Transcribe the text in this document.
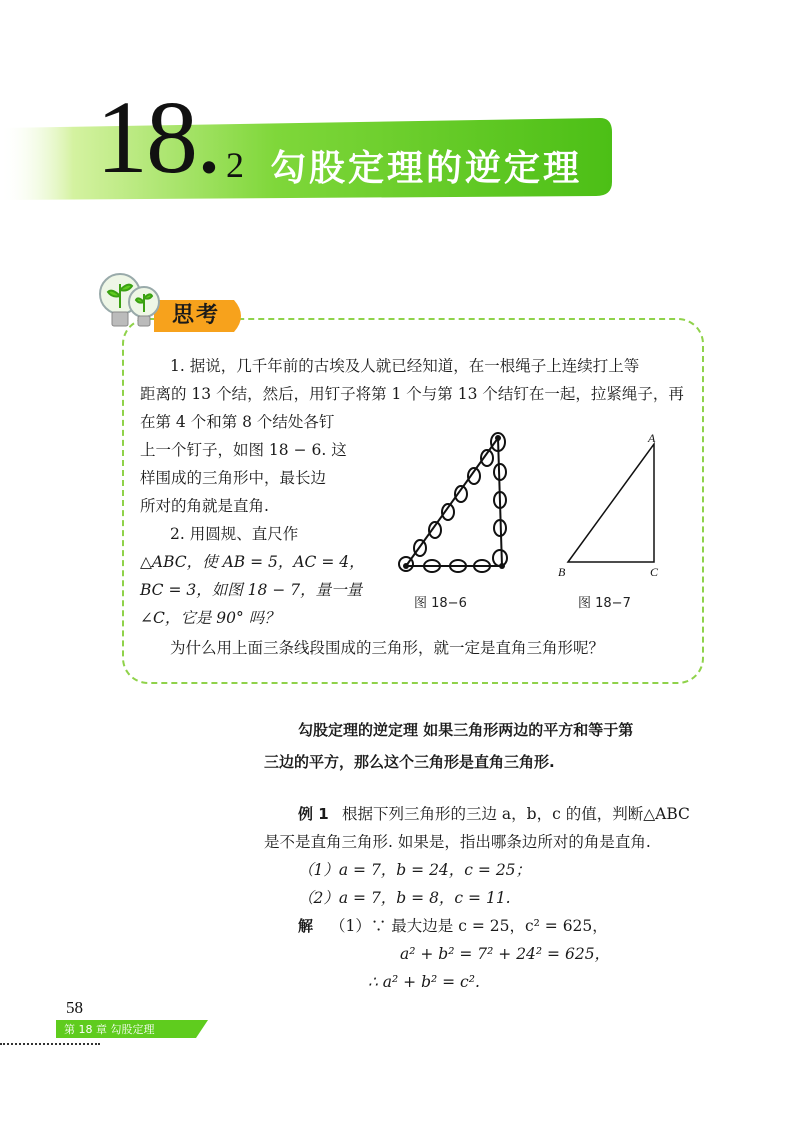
18. 2 勾股定理的逆定理
思考
1. 据说，几千年前的古埃及人就已经知道，在一根绳子上连续打上等
距离的 13 个结，然后，用钉子将第 1 个与第 13 个结钉在一起，拉紧绳子，再
在第 4 个和第 8 个结处各钉
上一个钉子，如图 18 − 6. 这
样围成的三角形中，最长边
所对的角就是直角.
2. 用圆规、直尺作
△ABC，使 AB = 5，AC = 4，
BC = 3，如图 18 − 7，量一量
∠C，它是 90° 吗？
为什么用上面三条线段围成的三角形，就一定是直角三角形呢？
图 18−6
A
B	C
图 18−7
勾股定理的逆定理 如果三角形两边的平方和等于第
三边的平方，那么这个三角形是直角三角形.
例 1 根据下列三角形的三边 a，b，c 的值，判断△ABC
是不是直角三角形. 如果是，指出哪条边所对的角是直角.
（1）a = 7，b = 24，c = 25；
（2）a = 7，b = 8，c = 11.
解 （1）∵ 最大边是 c = 25，c² = 625，
a² + b² = 7² + 24² = 625，
∴ a² + b² = c².
58
第 18 章 勾股定理
